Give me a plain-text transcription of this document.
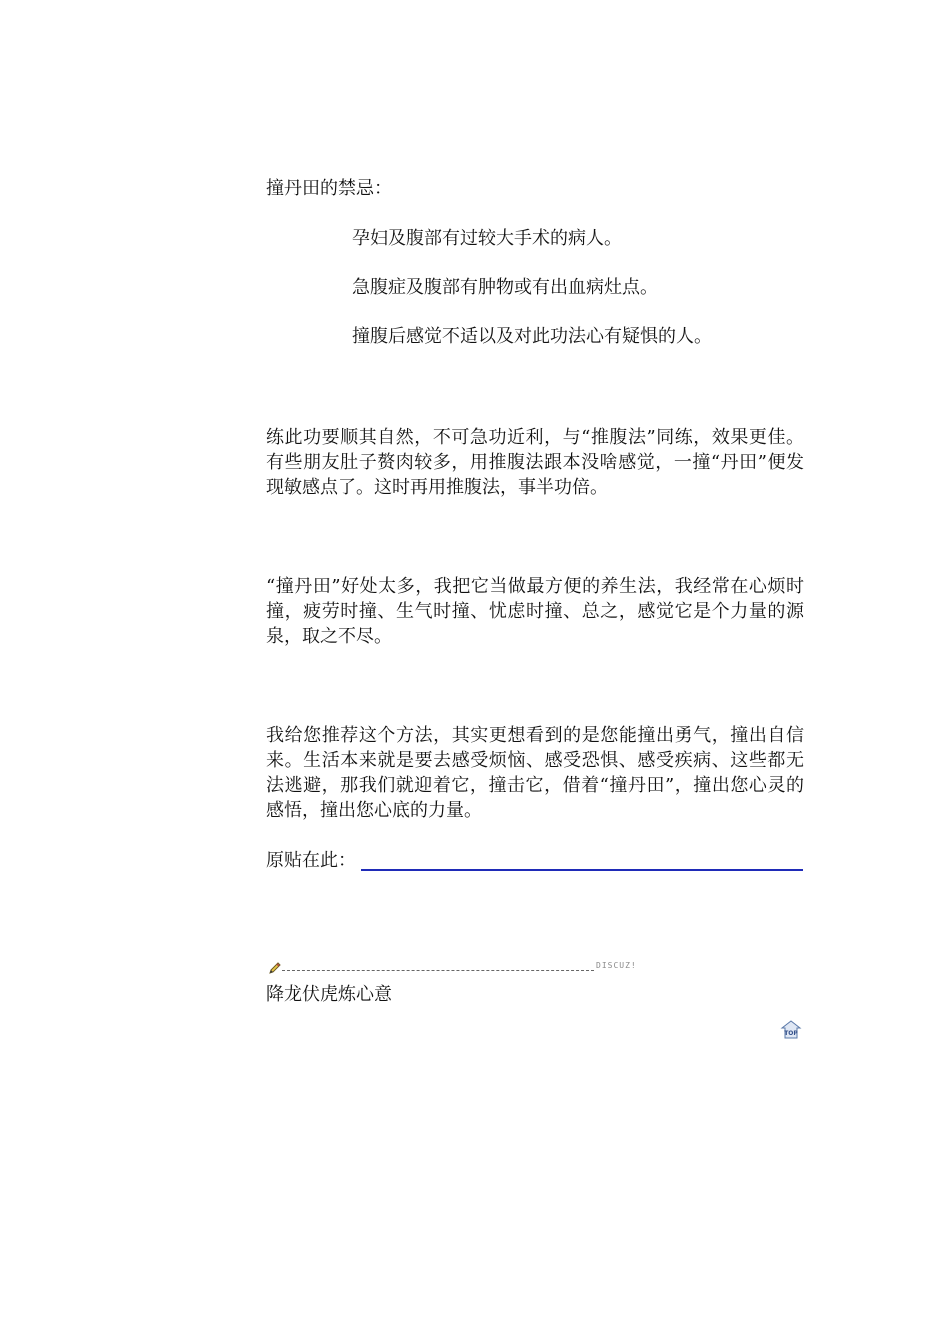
撞丹田的禁忌：

孕妇及腹部有过较大手术的病人。

急腹症及腹部有肿物或有出血病灶点。

撞腹后感觉不适以及对此功法心有疑惧的人。

练此功要顺其自然，不可急功近利，与“推腹法”同练，效果更佳。有些朋友肚子赘肉较多，用推腹法跟本没啥感觉，一撞“丹田”便发现敏感点了。这时再用推腹法，事半功倍。

“撞丹田”好处太多，我把它当做最方便的养生法，我经常在心烦时撞，疲劳时撞、生气时撞、忧虑时撞、总之，感觉它是个力量的源泉，取之不尽。

我给您推荐这个方法，其实更想看到的是您能撞出勇气，撞出自信来。生活本来就是要去感受烦恼、感受恐惧、感受疾病、这些都无法逃避，那我们就迎着它，撞击它，借着“撞丹田”，撞出您心灵的感悟，撞出您心底的力量。

原贴在此：
DISCUZ!

降龙伏虎炼心意

TOP
